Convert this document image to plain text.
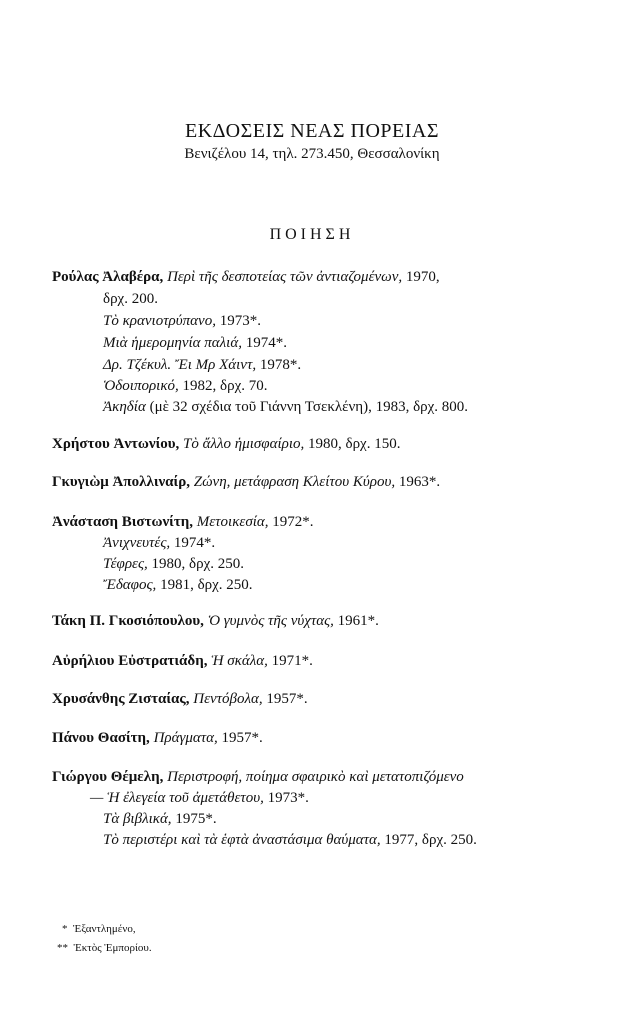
ΕΚΔΟΣΕΙΣ ΝΕΑΣ ΠΟΡΕΙΑΣ
Βενιζέλου 14, τηλ. 273.450, Θεσσαλονίκη
ΠΟΙΗΣΗ
Ρούλας Ἀλαβέρα, Περὶ τῆς δεσποτείας τῶν ἀντιαζομένων, 1970,
δρχ. 200.
Τὸ κρανιοτρύπανο, 1973*.
Μιὰ ἡμερομηνία παλιά, 1974*.
Δρ. Τζέκυλ. Ἔι Μρ Χάιντ, 1978*.
Ὁδοιπορικό, 1982, δρχ. 70.
Ἀκηδία (μὲ 32 σχέδια τοῦ Γιάννη Τσεκλένη), 1983, δρχ. 800.
Χρήστου Ἀντωνίου, Τὸ ἄλλο ἡμισφαίριο, 1980, δρχ. 150.
Γκυγιὼμ Ἀπολλιναίρ, Ζώνη, μετάφραση Κλείτου Κύρου, 1963*.
Ἀνάσταση Βιστωνίτη, Μετοικεσία, 1972*.
Ἀνιχνευτές, 1974*.
Τέφρες, 1980, δρχ. 250.
Ἔδαφος, 1981, δρχ. 250.
Τάκη Π. Γκοσιόπουλου, Ὁ γυμνὸς τῆς νύχτας, 1961*.
Αὐρήλιου Εὐστρατιάδη, Ἡ σκάλα, 1971*.
Χρυσάνθης Ζισταίας, Πεντόβολα, 1957*.
Πάνου Θασίτη, Πράγματα, 1957*.
Γιώργου Θέμελη, Περιστροφή, ποίημα σφαιρικὸ καὶ μετατοπιζόμενο
— Ἡ ἐλεγεία τοῦ ἀμετάθετου, 1973*.
Τὰ βιβλικά, 1975*.
Τὸ περιστέρι καὶ τὰ ἑφτὰ ἀναστάσιμα θαύματα, 1977, δρχ. 250.
* Ἐξαντλημένο,
** Ἐκτὸς Ἐμπορίου.
